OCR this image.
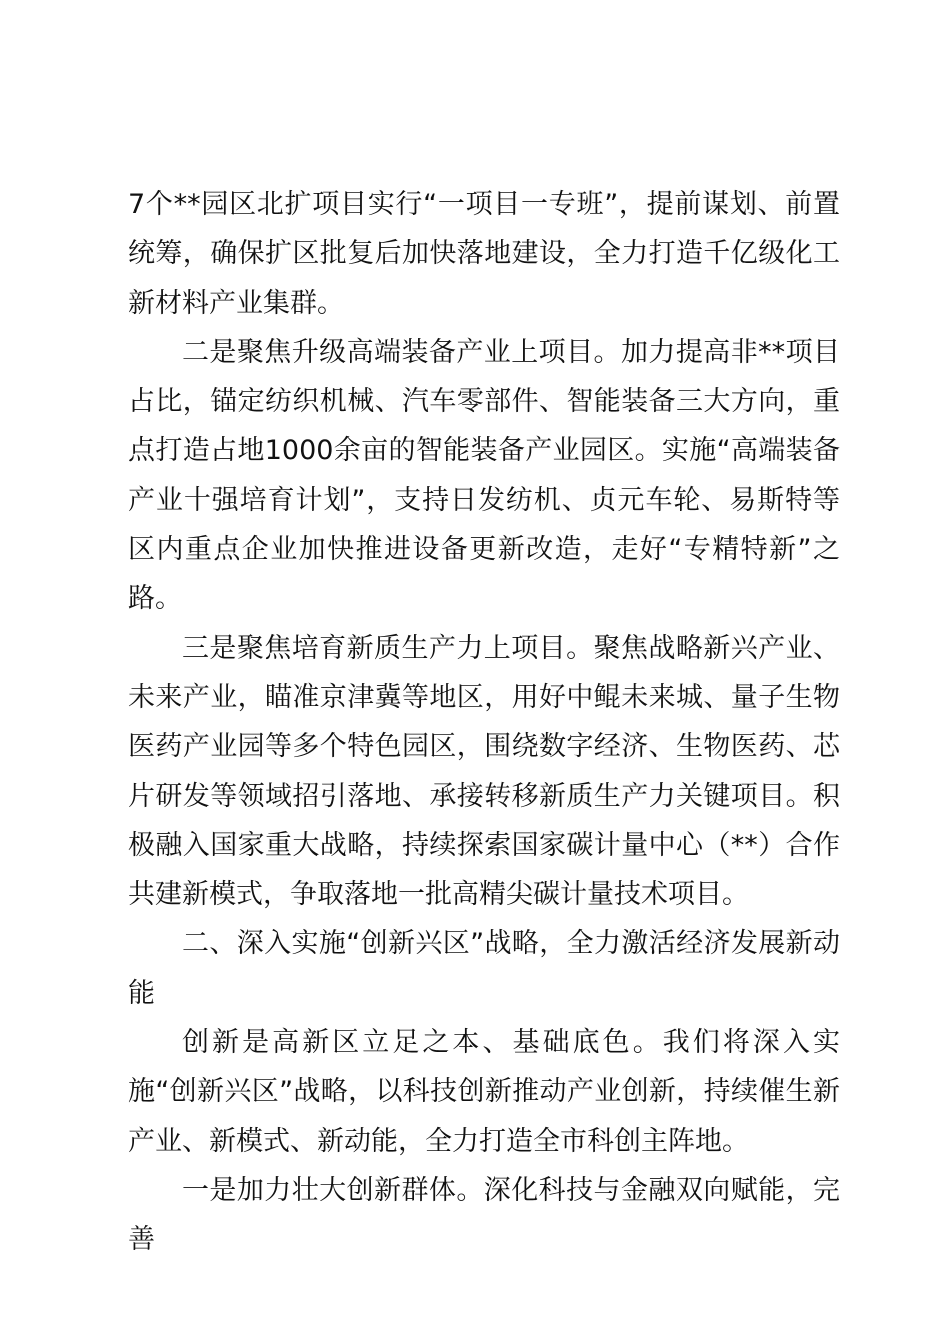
7个**园区北扩项目实行“一项目一专班”，提前谋划、前置统筹，确保扩区批复后加快落地建设，全力打造千亿级化工新材料产业集群。

二是聚焦升级高端装备产业上项目。加力提高非**项目占比，锚定纺织机械、汽车零部件、智能装备三大方向，重点打造占地1000余亩的智能装备产业园区。实施“高端装备产业十强培育计划”，支持日发纺机、贞元车轮、易斯特等区内重点企业加快推进设备更新改造，走好“专精特新”之路。

三是聚焦培育新质生产力上项目。聚焦战略新兴产业、未来产业，瞄准京津冀等地区，用好中鲲未来城、量子生物医药产业园等多个特色园区，围绕数字经济、生物医药、芯片研发等领域招引落地、承接转移新质生产力关键项目。积极融入国家重大战略，持续探索国家碳计量中心（**）合作共建新模式，争取落地一批高精尖碳计量技术项目。

二、深入实施“创新兴区”战略，全力激活经济发展新动能

创新是高新区立足之本、基础底色。我们将深入实施“创新兴区”战略，以科技创新推动产业创新，持续催生新产业、新模式、新动能，全力打造全市科创主阵地。

一是加力壮大创新群体。深化科技与金融双向赋能，完善
